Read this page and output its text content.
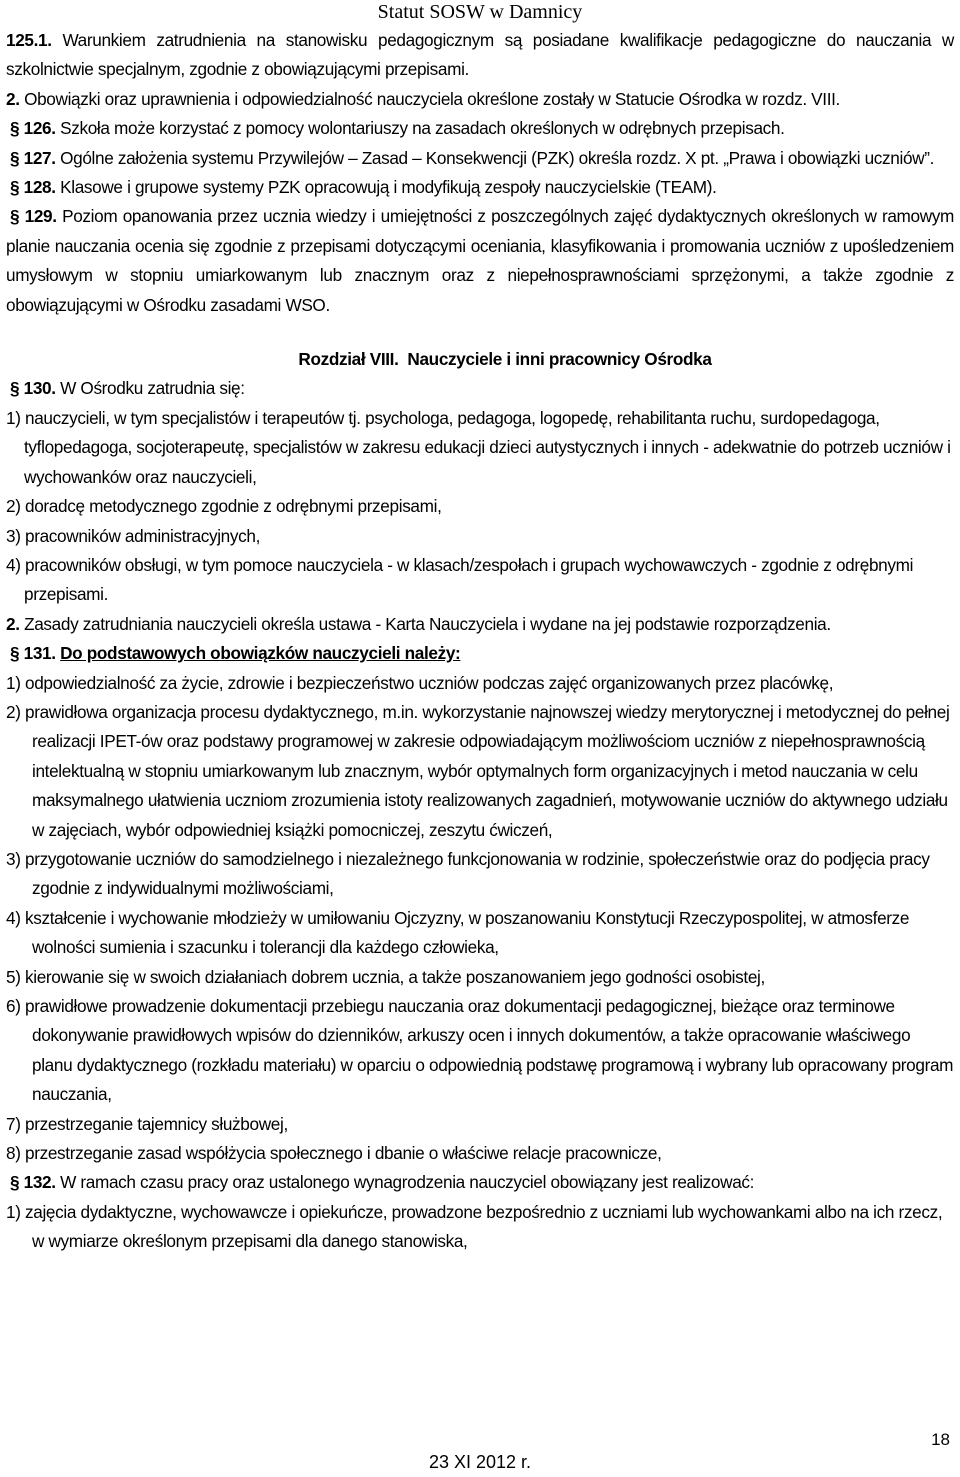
Statut SOSW w Damnicy

125.1. Warunkiem zatrudnienia na stanowisku pedagogicznym są posiadane kwalifikacje pedagogiczne do nauczania w szkolnictwie specjalnym, zgodnie z obowiązującymi przepisami.

2. Obowiązki oraz uprawnienia i odpowiedzialność nauczyciela określone zostały w Statucie Ośrodka w rozdz. VIII.

§ 126. Szkoła może korzystać z pomocy wolontariuszy na zasadach określonych w odrębnych przepisach.

§ 127. Ogólne założenia systemu Przywilejów – Zasad – Konsekwencji (PZK) określa rozdz. X pt. „Prawa i obowiązki uczniów”.

§ 128. Klasowe i grupowe systemy PZK opracowują i modyfikują zespoły nauczycielskie (TEAM).

§ 129. Poziom opanowania przez ucznia wiedzy i umiejętności z poszczególnych zajęć dydaktycznych określonych w ramowym planie nauczania ocenia się zgodnie z przepisami dotyczącymi oceniania, klasyfikowania i promowania uczniów z upośledzeniem umysłowym w stopniu umiarkowanym lub znacznym oraz z niepełnosprawnościami sprzężonymi, a także zgodnie z obowiązującymi w Ośrodku zasadami WSO.

Rozdział VIII. Nauczyciele i inni pracownicy Ośrodka

§ 130. W Ośrodku zatrudnia się:

1) nauczycieli, w tym specjalistów i terapeutów tj. psychologa, pedagoga, logopedę, rehabilitanta ruchu, surdopedagoga, tyflopedagoga, socjoterapeutę, specjalistów w zakresu edukacji dzieci autystycznych i innych - adekwatnie do potrzeb uczniów i wychowanków oraz nauczycieli,
2) doradcę metodycznego zgodnie z odrębnymi przepisami,
3) pracowników administracyjnych,
4) pracowników obsługi, w tym pomoce nauczyciela - w klasach/zespołach i grupach wychowawczych - zgodnie z odrębnymi przepisami.

2. Zasady zatrudniania nauczycieli określa ustawa - Karta Nauczyciela i wydane na jej podstawie rozporządzenia.

§ 131. Do podstawowych obowiązków nauczycieli należy:

1) odpowiedzialność za życie, zdrowie i bezpieczeństwo uczniów podczas zajęć organizowanych przez placówkę,
2) prawidłowa organizacja procesu dydaktycznego, m.in. wykorzystanie najnowszej wiedzy merytorycznej i metodycznej do pełnej realizacji IPET-ów oraz podstawy programowej w zakresie odpowiadającym możliwościom uczniów z niepełnosprawnością intelektualną w stopniu umiarkowanym lub znacznym, wybór optymalnych form organizacyjnych i metod nauczania w celu maksymalnego ułatwienia uczniom zrozumienia istoty realizowanych zagadnień, motywowanie uczniów do aktywnego udziału w zajęciach, wybór odpowiedniej książki pomocniczej, zeszytu ćwiczeń,
3) przygotowanie uczniów do samodzielnego i niezależnego funkcjonowania w rodzinie, społeczeństwie oraz do podjęcia pracy zgodnie z indywidualnymi możliwościami,
4) kształcenie i wychowanie młodzieży w umiłowaniu Ojczyzny, w poszanowaniu Konstytucji Rzeczypospolitej, w atmosferze wolności sumienia i szacunku i tolerancji dla każdego człowieka,
5) kierowanie się w swoich działaniach dobrem ucznia, a także poszanowaniem jego godności osobistej,
6) prawidłowe prowadzenie dokumentacji przebiegu nauczania oraz dokumentacji pedagogicznej, bieżące oraz terminowe dokonywanie prawidłowych wpisów do dzienników, arkuszy ocen i innych dokumentów, a także opracowanie właściwego planu dydaktycznego (rozkładu materiału) w oparciu o odpowiednią podstawę programową i wybrany lub opracowany program nauczania,
7) przestrzeganie tajemnicy służbowej,
8) przestrzeganie zasad współżycia społecznego i dbanie o właściwe relacje pracownicze,

§ 132. W ramach czasu pracy oraz ustalonego wynagrodzenia nauczyciel obowiązany jest realizować:

1) zajęcia dydaktyczne, wychowawcze i opiekuńcze, prowadzone bezpośrednio z uczniami lub wychowankami albo na ich rzecz, w wymiarze określonym przepisami dla danego stanowiska,
18
23 XI 2012 r.
